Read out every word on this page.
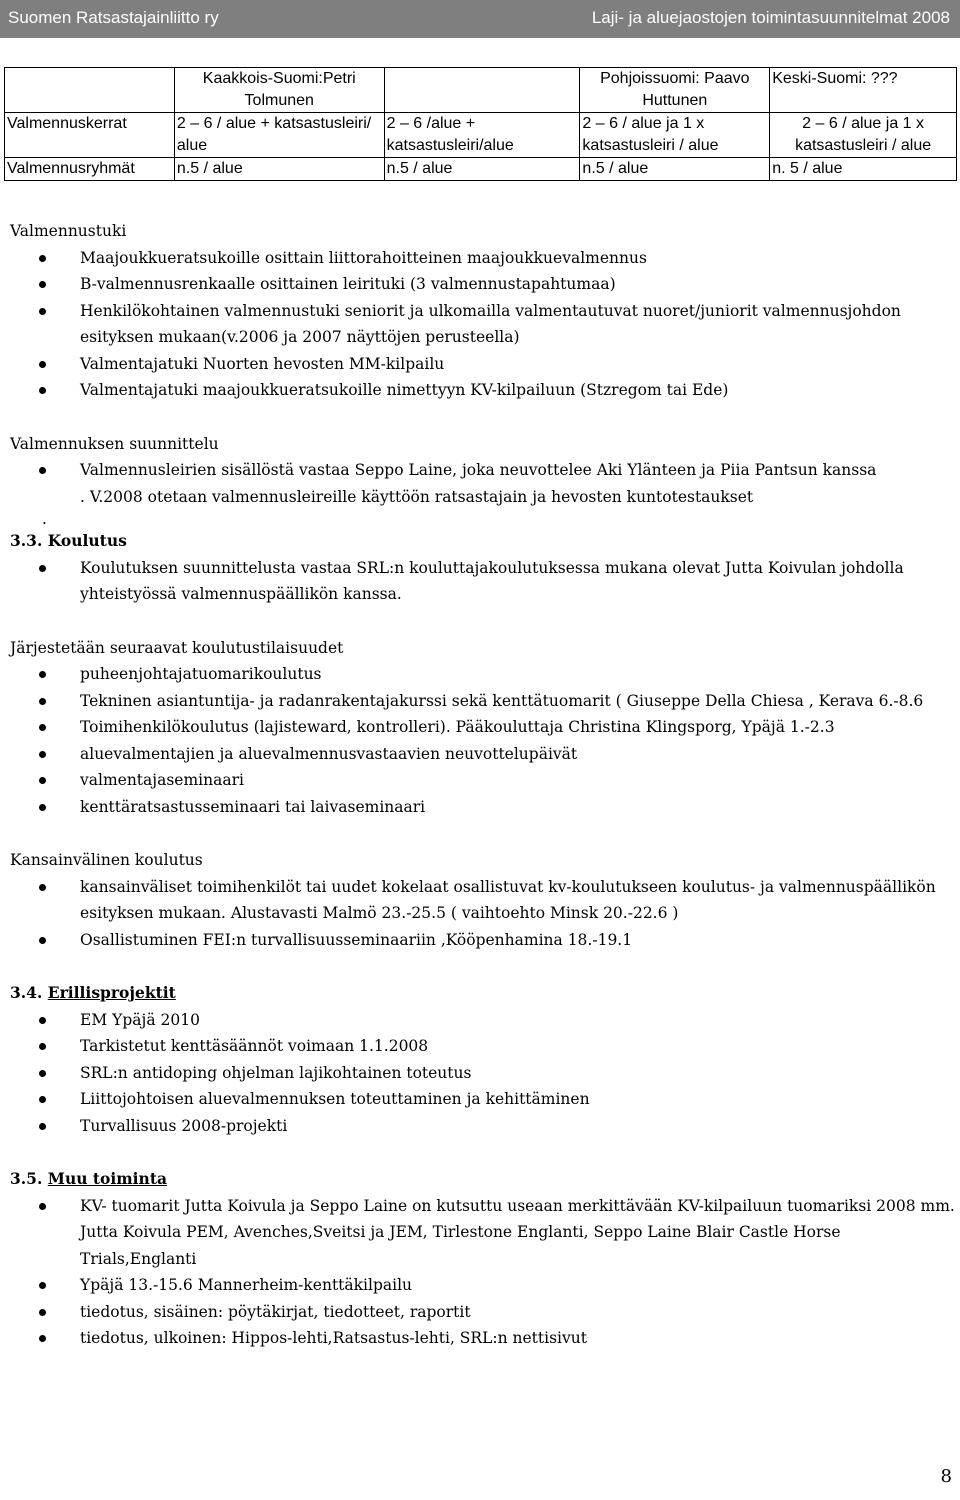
Suomen Ratsastajainliitto ry	Laji- ja aluejaostojen toimintasuunnitelmat 2008
	Kaakkois-Suomi:Petri Tolmunen		Pohjoissuomi: Paavo Huttunen	Keski-Suomi: ???
Valmennuskerrat	2 – 6 / alue + katsastusleiri/ alue	2 – 6 /alue + katsastusleiri/alue	2 – 6 / alue ja 1 x katsastusleiri / alue	2 – 6 / alue ja 1 x katsastusleiri / alue
Valmennusryhmät	n.5 / alue	n.5 / alue	n.5 / alue	n. 5 / alue

Valmennustuki

Maajoukkueratsukoille osittain liittorahoitteinen maajoukkuevalmennus
B-valmennusrenkaalle osittainen leirituki (3 valmennustapahtumaa)
Henkilökohtainen valmennustuki seniorit ja ulkomailla valmentautuvat nuoret/juniorit valmennusjohdon esityksen mukaan(v.2006 ja 2007 näyttöjen perusteella)
Valmentajatuki Nuorten hevosten MM-kilpailu
Valmentajatuki maajoukkueratsukoille nimettyyn KV-kilpailuun (Stzregom tai Ede)

Valmennuksen suunnittelu

Valmennusleirien sisällöstä vastaa Seppo Laine, joka neuvottelee Aki Ylänteen ja Piia Pantsun kanssa

. V.2008 otetaan valmennusleireille käyttöön ratsastajain ja hevosten kuntotestaukset

.

3.3. Koulutus

Koulutuksen suunnittelusta vastaa SRL:n kouluttajakoulutuksessa mukana olevat Jutta Koivulan johdolla yhteistyössä valmennuspäällikön kanssa.

Järjestetään seuraavat koulutustilaisuudet

puheenjohtajatuomarikoulutus
Tekninen asiantuntija- ja radanrakentajakurssi sekä kenttätuomarit ( Giuseppe Della Chiesa , Kerava 6.-8.6
Toimihenkilökoulutus (lajisteward, kontrolleri). Pääkouluttaja Christina Klingsporg, Ypäjä 1.-2.3
aluevalmentajien ja aluevalmennusvastaavien neuvottelupäivät
valmentajaseminaari
kenttäratsastusseminaari tai laivaseminaari

Kansainvälinen koulutus

kansainväliset toimihenkilöt tai uudet kokelaat osallistuvat kv-koulutukseen koulutus- ja valmennuspäällikön esityksen mukaan. Alustavasti Malmö 23.-25.5 ( vaihtoehto Minsk 20.-22.6 )
Osallistuminen FEI:n turvallisuusseminaariin ,Kööpenhamina 18.-19.1

3.4. Erillisprojektit

EM Ypäjä 2010
Tarkistetut kenttäsäännöt voimaan 1.1.2008
SRL:n antidoping ohjelman lajikohtainen toteutus
Liittojohtoisen aluevalmennuksen toteuttaminen ja kehittäminen
Turvallisuus 2008-projekti

3.5. Muu toiminta

KV- tuomarit Jutta Koivula ja Seppo Laine on kutsuttu useaan merkittävään KV-kilpailuun tuomariksi 2008 mm. Jutta Koivula PEM, Avenches,Sveitsi ja JEM, Tirlestone Englanti, Seppo Laine Blair Castle Horse Trials,Englanti
Ypäjä 13.-15.6 Mannerheim-kenttäkilpailu
tiedotus, sisäinen: pöytäkirjat, tiedotteet, raportit
tiedotus, ulkoinen: Hippos-lehti,Ratsastus-lehti, SRL:n nettisivut
8
